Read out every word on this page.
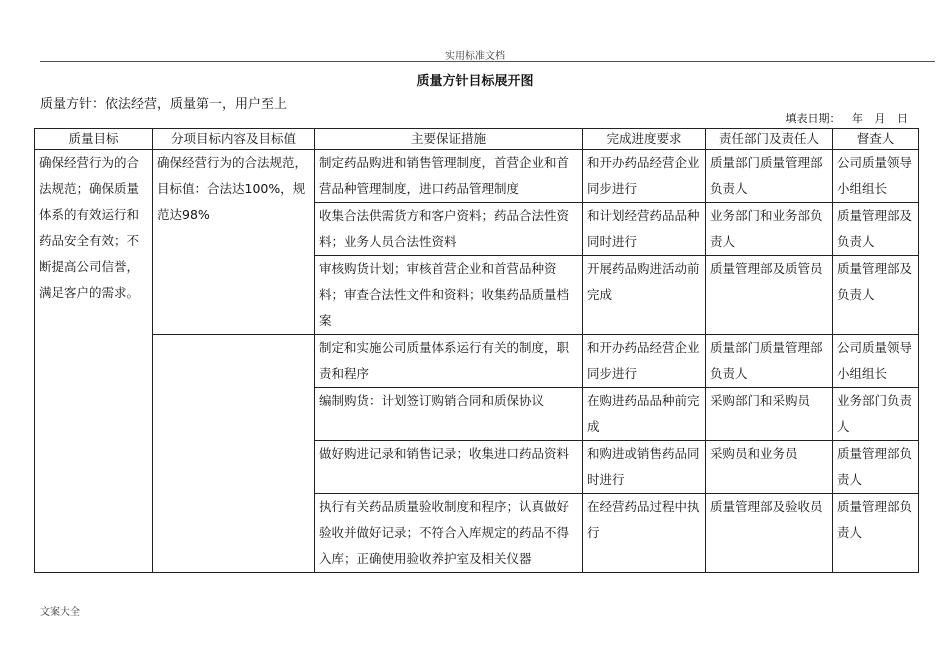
实用标准文档
质量方针目标展开图
质量方针：依法经营，质量第一，用户至上
填表日期： 年 月 日
质量目标	分项目标内容及目标值	主要保证措施	完成进度要求	责任部门及责任人	督查人
确保经营行为的合法规范；确保质量体系的有效运行和药品安全有效；不断提高公司信誉，满足客户的需求。	确保经营行为的合法规范，目标值：合法达100%，规范达98%	制定药品购进和销售管理制度，首营企业和首营品种管理制度，进口药品管理制度	和开办药品经营企业同步进行	质量部门质量管理部负责人	公司质量领导小组组长
		收集合法供需货方和客户资料；药品合法性资料；业务人员合法性资料	和计划经营药品品种同时进行	业务部门和业务部负责人	质量管理部及负责人
		审核购货计划；审核首营企业和首营品种资料；审查合法性文件和资料；收集药品质量档案	开展药品购进活动前完成	质量管理部及质管员	质量管理部及负责人
		制定和实施公司质量体系运行有关的制度，职责和程序	和开办药品经营企业同步进行	质量部门质量管理部负责人	公司质量领导小组组长
		编制购货：计划签订购销合同和质保协议	在购进药品品种前完成	采购部门和采购员	业务部门负责人
		做好购进记录和销售记录；收集进口药品资料	和购进或销售药品同时进行	采购员和业务员	质量管理部负责人
		执行有关药品质量验收制度和程序；认真做好验收并做好记录；不符合入库规定的药品不得入库；正确使用验收养护室及相关仪器	在经营药品过程中执行	质量管理部及验收员	质量管理部负责人
文案大全
